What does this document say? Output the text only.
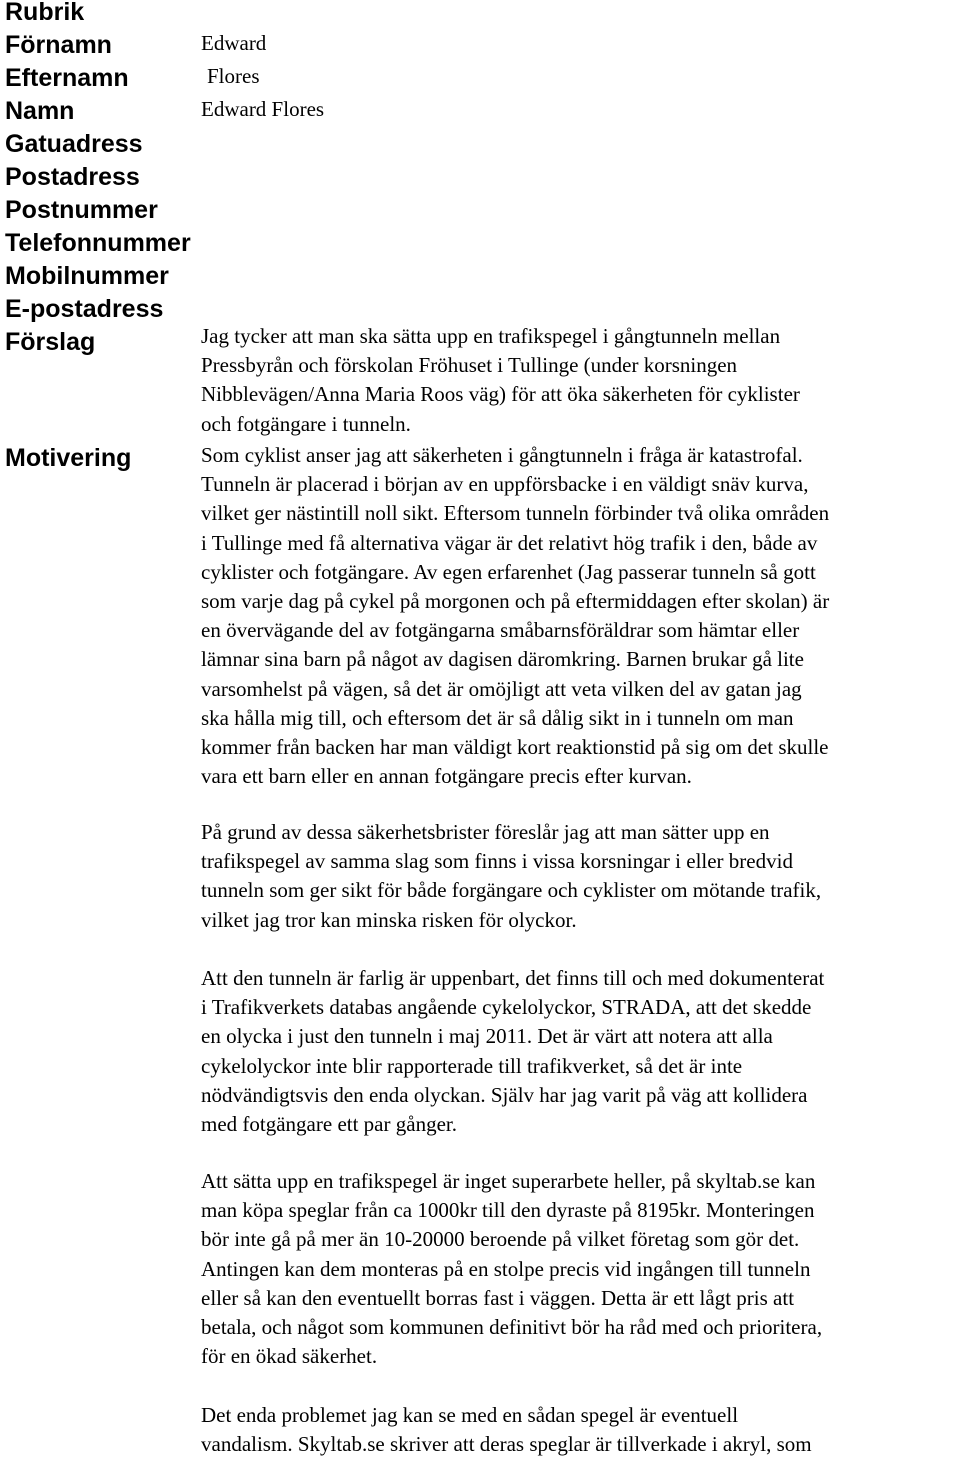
Rubrik
Förnamn
Efternamn
Namn
Gatuadress
Postadress
Postnummer
Telefonnummer
Mobilnummer
E-postadress
Förslag
Motivering
Edward
Flores
Edward Flores
Jag tycker att man ska sätta upp en trafikspegel i gångtunneln mellan
Pressbyrån och förskolan Fröhuset i Tullinge (under korsningen
Nibblevägen/Anna Maria Roos väg) för att öka säkerheten för cyklister
och fotgängare i tunneln.
Som cyklist anser jag att säkerheten i gångtunneln i fråga är katastrofal.
Tunneln är placerad i början av en uppförsbacke i en väldigt snäv kurva,
vilket ger nästintill noll sikt. Eftersom tunneln förbinder två olika områden
i Tullinge med få alternativa vägar är det relativt hög trafik i den, både av
cyklister och fotgängare. Av egen erfarenhet (Jag passerar tunneln så gott
som varje dag på cykel på morgonen och på eftermiddagen efter skolan) är
en övervägande del av fotgängarna småbarnsföräldrar som hämtar eller
lämnar sina barn på något av dagisen däromkring. Barnen brukar gå lite
varsomhelst på vägen, så det är omöjligt att veta vilken del av gatan jag
ska hålla mig till, och eftersom det är så dålig sikt in i tunneln om man
kommer från backen har man väldigt kort reaktionstid på sig om det skulle
vara ett barn eller en annan fotgängare precis efter kurvan.
På grund av dessa säkerhetsbrister föreslår jag att man sätter upp en
trafikspegel av samma slag som finns i vissa korsningar i eller bredvid
tunneln som ger sikt för både forgängare och cyklister om mötande trafik,
vilket jag tror kan minska risken för olyckor.
Att den tunneln är farlig är uppenbart, det finns till och med dokumenterat
i Trafikverkets databas angående cykelolyckor, STRADA, att det skedde
en olycka i just den tunneln i maj 2011. Det är värt att notera att alla
cykelolyckor inte blir rapporterade till trafikverket, så det är inte
nödvändigtsvis den enda olyckan. Själv har jag varit på väg att kollidera
med fotgängare ett par gånger.
Att sätta upp en trafikspegel är inget superarbete heller, på skyltab.se kan
man köpa speglar från ca 1000kr till den dyraste på 8195kr. Monteringen
bör inte gå på mer än 10-20000 beroende på vilket företag som gör det.
Antingen kan dem monteras på en stolpe precis vid ingången till tunneln
eller så kan den eventuellt borras fast i väggen. Detta är ett lågt pris att
betala, och något som kommunen definitivt bör ha råd med och prioritera,
för en ökad säkerhet.
Det enda problemet jag kan se med en sådan spegel är eventuell
vandalism. Skyltab.se skriver att deras speglar är tillverkade i akryl, som
